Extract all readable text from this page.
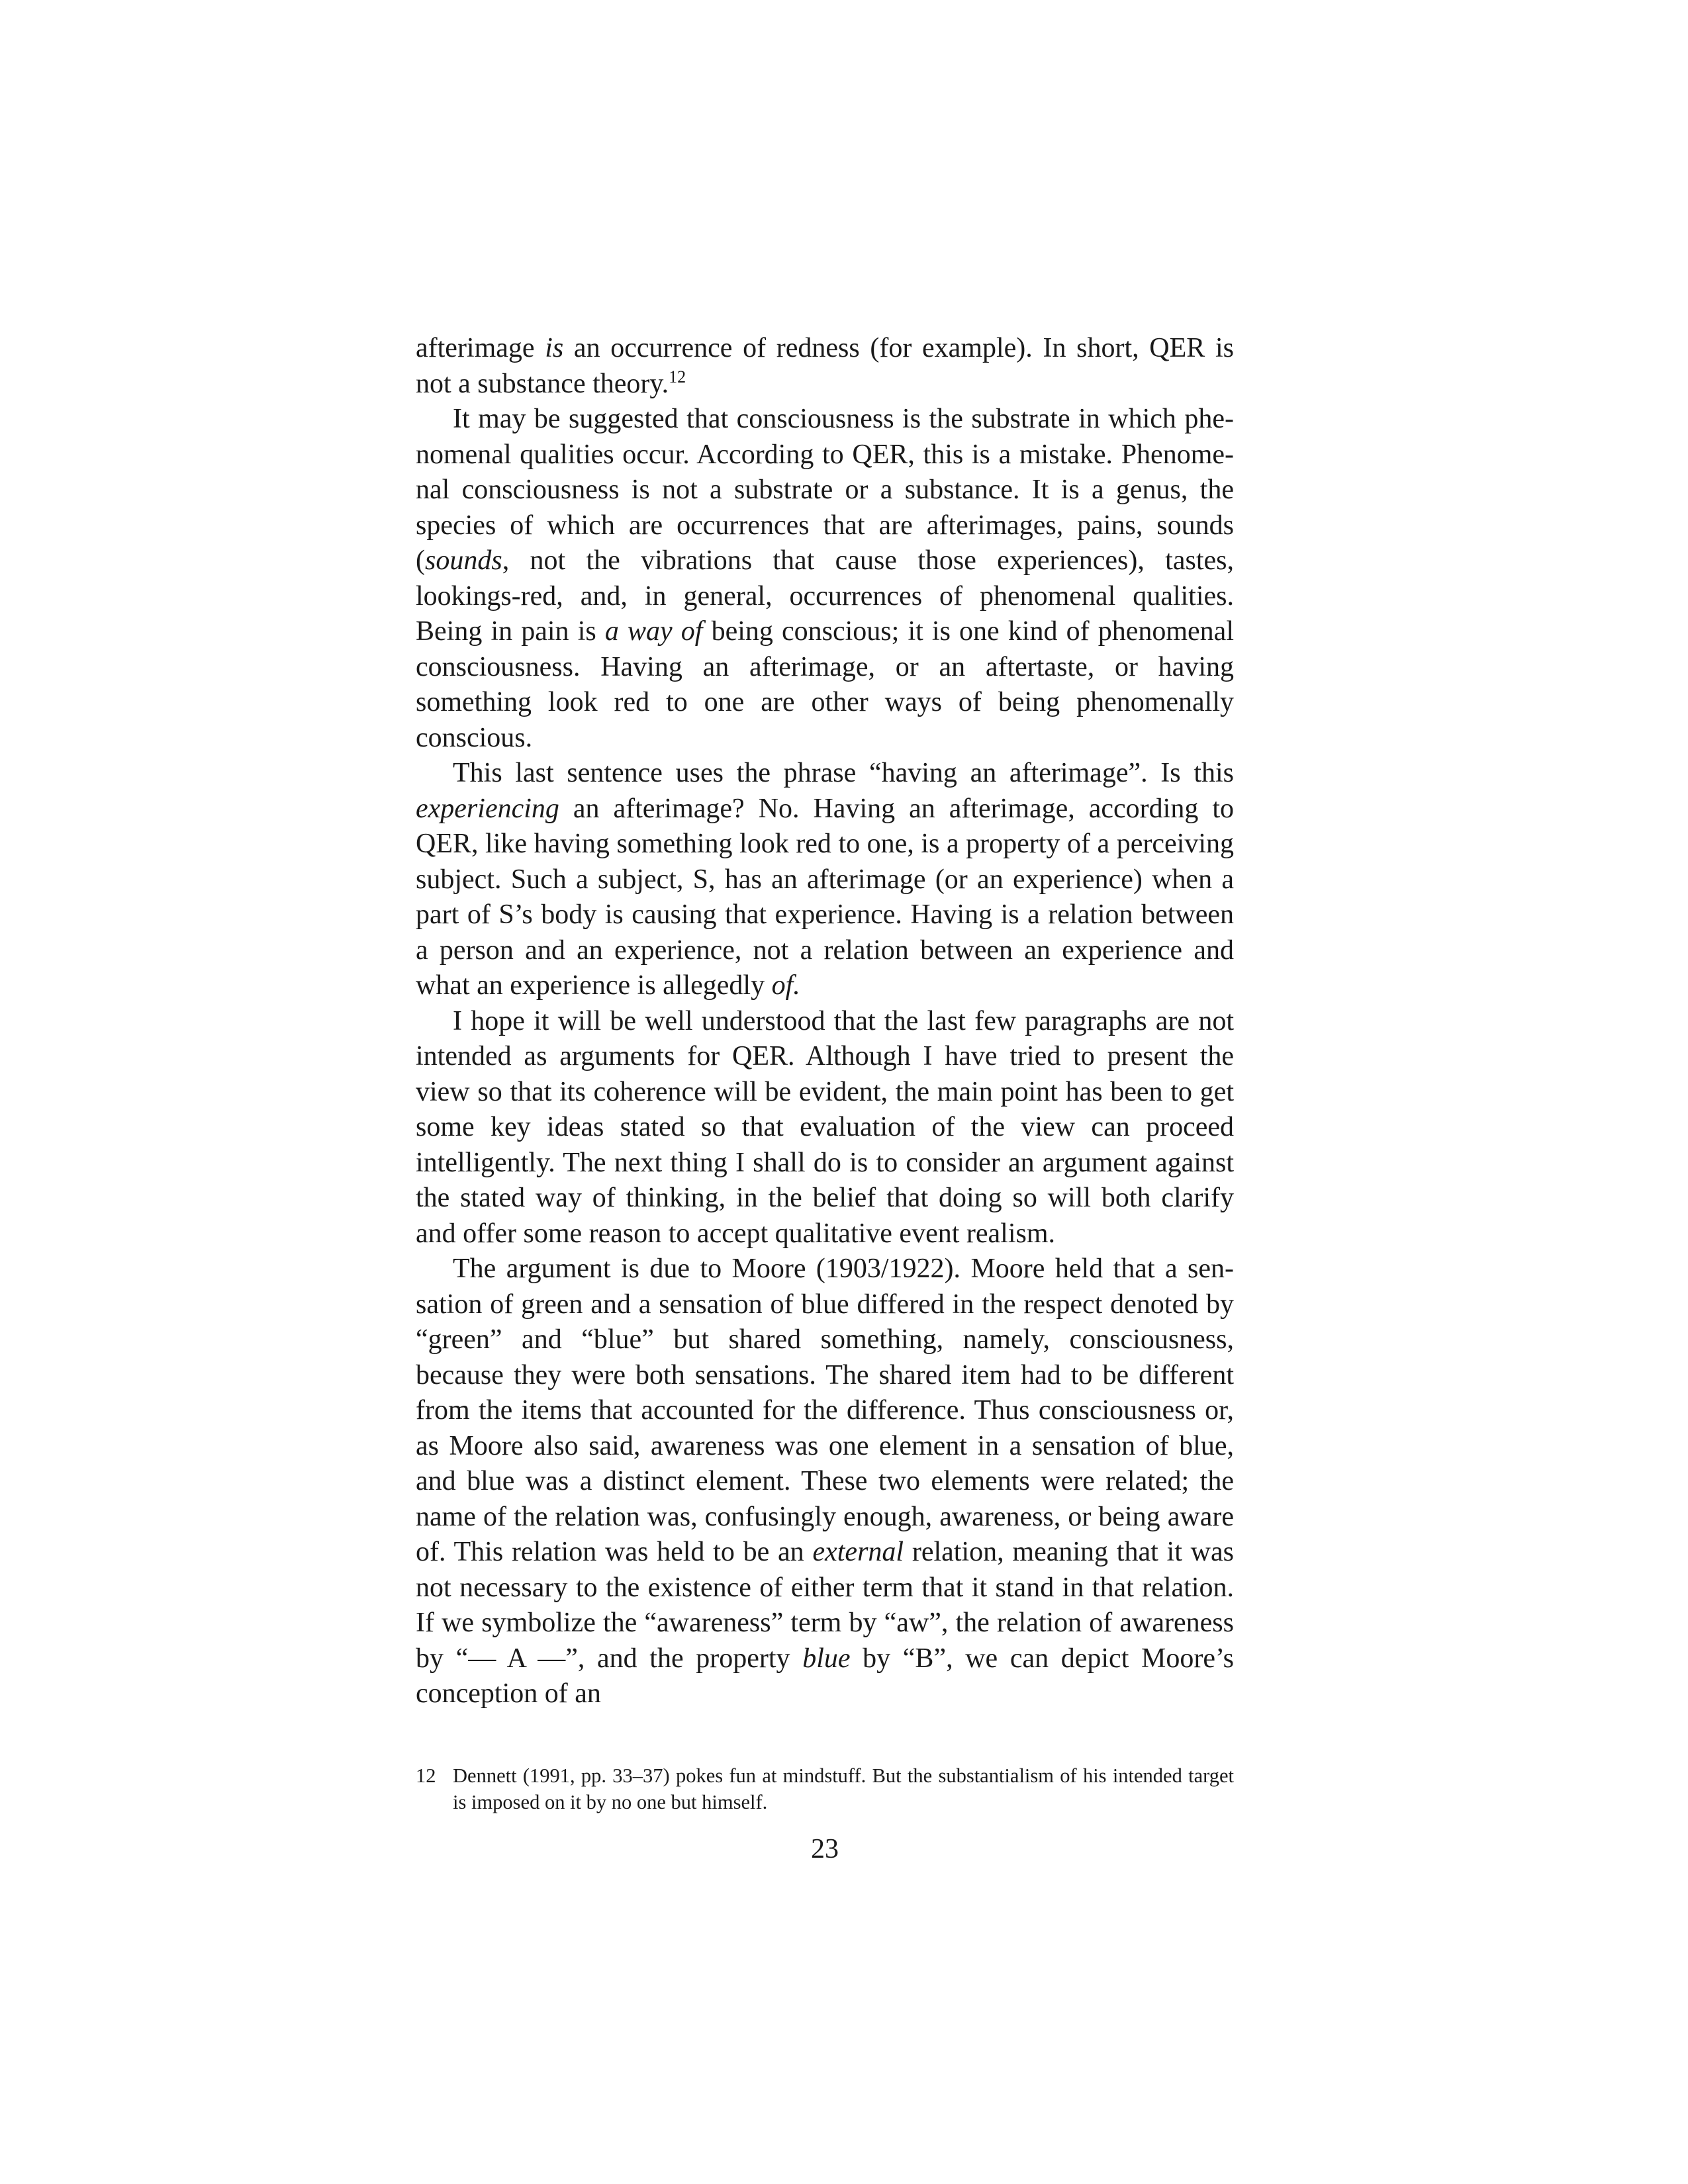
afterimage is an occurrence of redness (for example). In short, QER is not a substance theory.$^{12}$

It may be suggested that consciousness is the substrate in which phenomenal qualities occur. According to QER, this is a mistake. Phenomenal consciousness is not a substrate or a substance. It is a genus, the species of which are occurrences that are afterimages, pains, sounds (sounds, not the vibrations that cause those experiences), tastes, lookings-red, and, in general, occurrences of phenomenal qualities. Being in pain is a way of being conscious; it is one kind of phenomenal consciousness. Having an afterimage, or an aftertaste, or having something look red to one are other ways of being phenomenally conscious.

This last sentence uses the phrase “having an afterimage”. Is this experiencing an afterimage? No. Having an afterimage, according to QER, like having something look red to one, is a property of a perceiving subject. Such a subject, S, has an afterimage (or an experience) when a part of S’s body is causing that experience. Having is a relation between a person and an experience, not a relation between an experience and what an experience is allegedly of.

I hope it will be well understood that the last few paragraphs are not intended as arguments for QER. Although I have tried to present the view so that its coherence will be evident, the main point has been to get some key ideas stated so that evaluation of the view can proceed intelligently. The next thing I shall do is to consider an argument against the stated way of thinking, in the belief that doing so will both clarify and offer some reason to accept qualitative event realism.

The argument is due to Moore (1903/1922). Moore held that a sensation of green and a sensation of blue differed in the respect denoted by “green” and “blue” but shared something, namely, consciousness, because they were both sensations. The shared item had to be different from the items that accounted for the difference. Thus consciousness or, as Moore also said, awareness was one element in a sensation of blue, and blue was a distinct element. These two elements were related; the name of the relation was, confusingly enough, awareness, or being aware of. This relation was held to be an external relation, meaning that it was not necessary to the existence of either term that it stand in that relation. If we symbolize the “awareness” term by “aw”, the relation of awareness by “— A —”, and the property blue by “B”, we can depict Moore’s conception of an

12 Dennett (1991, pp. 33–37) pokes fun at mindstuff. But the substantialism of his intended target is imposed on it by no one but himself.
23
